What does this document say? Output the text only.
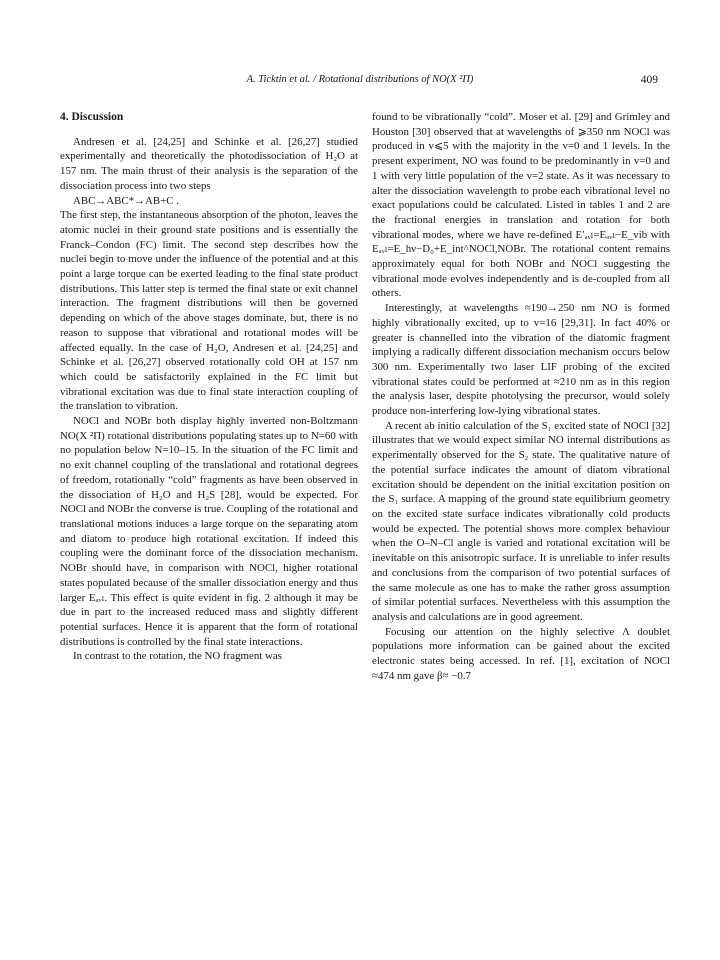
A. Ticktin et al. / Rotational distributions of NO(X ²Π)	409
4. Discussion

Andresen et al. [24,25] and Schinke et al. [26,27] studied experimentally and theoretically the photodissociation of H₂O at 157 nm. The main thrust of their analysis is the separation of the dissociation process into two steps

ABC→ABC*→AB+C .

The first step, the instantaneous absorption of the photon, leaves the atomic nuclei in their ground state positions and is essentially the Franck–Condon (FC) limit. The second step describes how the nuclei begin to move under the influence of the potential and at this point a large torque can be exerted leading to the final state product distributions. This latter step is termed the final state or exit channel interaction. The fragment distributions will then be governed depending on which of the above stages dominate, but, there is no reason to suppose that vibrational and rotational modes will be affected equally. In the case of H₂O, Andresen et al. [24,25] and Schinke et al. [26,27] observed rotationally cold OH at 157 nm which could be satisfactorily explained in the FC limit but vibrational excitation was due to final state interaction coupling of the translation to vibration.

NOCl and NOBr both display highly inverted non-Boltzmann NO(X ²Π) rotational distributions populating states up to N=60 with no population below N=10–15. In the situation of the FC limit and no exit channel coupling of the translational and rotational degrees of freedom, rotationally “cold” fragments as have been observed in the dissociation of H₂O and H₂S [28], would be expected. For NOCl and NOBr the converse is true. Coupling of the rotational and translational motions induces a large torque on the separating atom and diatom to produce high rotational excitation. If indeed this coupling were the dominant force of the dissociation mechanism. NOBr should have, in comparison with NOCl, higher rotational states populated because of the smaller dissociation energy and thus larger Eₐᵥₗ. This effect is quite evident in fig. 2 although it may be due in part to the increased reduced mass and slightly different potential surfaces. Hence it is apparent that the form of rotational distributions is controlled by the final state interactions.

In contrast to the rotation, the NO fragment was

found to be vibrationally “cold”. Moser et al. [29] and Grimley and Houston [30] observed that at wavelengths of ⩾350 nm NOCl was produced in v⩽5 with the majority in the v=0 and 1 levels. In the present experiment, NO was found to be predominantly in v=0 and 1 with very little population of the v=2 state. As it was necessary to alter the dissociation wavelength to probe each vibrational level no exact populations could be calculated. Listed in tables 1 and 2 are the fractional energies in translation and rotation for both vibrational modes, where we have re-defined E′ₐᵥₗ=Eₐᵥₗ−E_vib with Eₐᵥₗ=E_hν−D₀+E_int^NOCl,NOBr. The rotational content remains approximately equal for both NOBr and NOCl suggesting the vibrational mode evolves independently and is de-coupled from all others.

Interestingly, at wavelengths ≈190→250 nm NO is formed highly vibrationally excited, up to v=16 [29,31]. In fact 40% or greater is channelled into the vibration of the diatomic fragment implying a radically different dissociation mechanism occurs below 300 nm. Experimentally two laser LIF probing of the excited vibrational states could be performed at ≈210 nm as in this region the analysis laser, despite photolysing the precursor, would solely produce non-interfering low-lying vibrational states.

A recent ab initio calculation of the S₁ excited state of NOCl [32] illustrates that we would expect similar NO internal distributions as experimentally observed for the S₂ state. The qualitative nature of the potential surface indicates the amount of diatom vibrational excitation should be dependent on the initial excitation position on the S₁ surface. A mapping of the ground state equilibrium geometry on the excited state surface indicates vibrationally cold products would be expected. The potential shows more complex behaviour when the O–N–Cl angle is varied and rotational excitation will be inevitable on this anisotropic surface. It is unreliable to infer results and conclusions from the comparison of two potential surfaces of the same molecule as one has to make the rather gross assumption of similar potential surfaces. Nevertheless with this assumption the analysis and calculations are in good agreement.

Focusing our attention on the highly selective Λ doublet populations more information can be gained about the excited electronic states being accessed. In ref. [1], excitation of NOCl ≈474 nm gave β≈ −0.7
